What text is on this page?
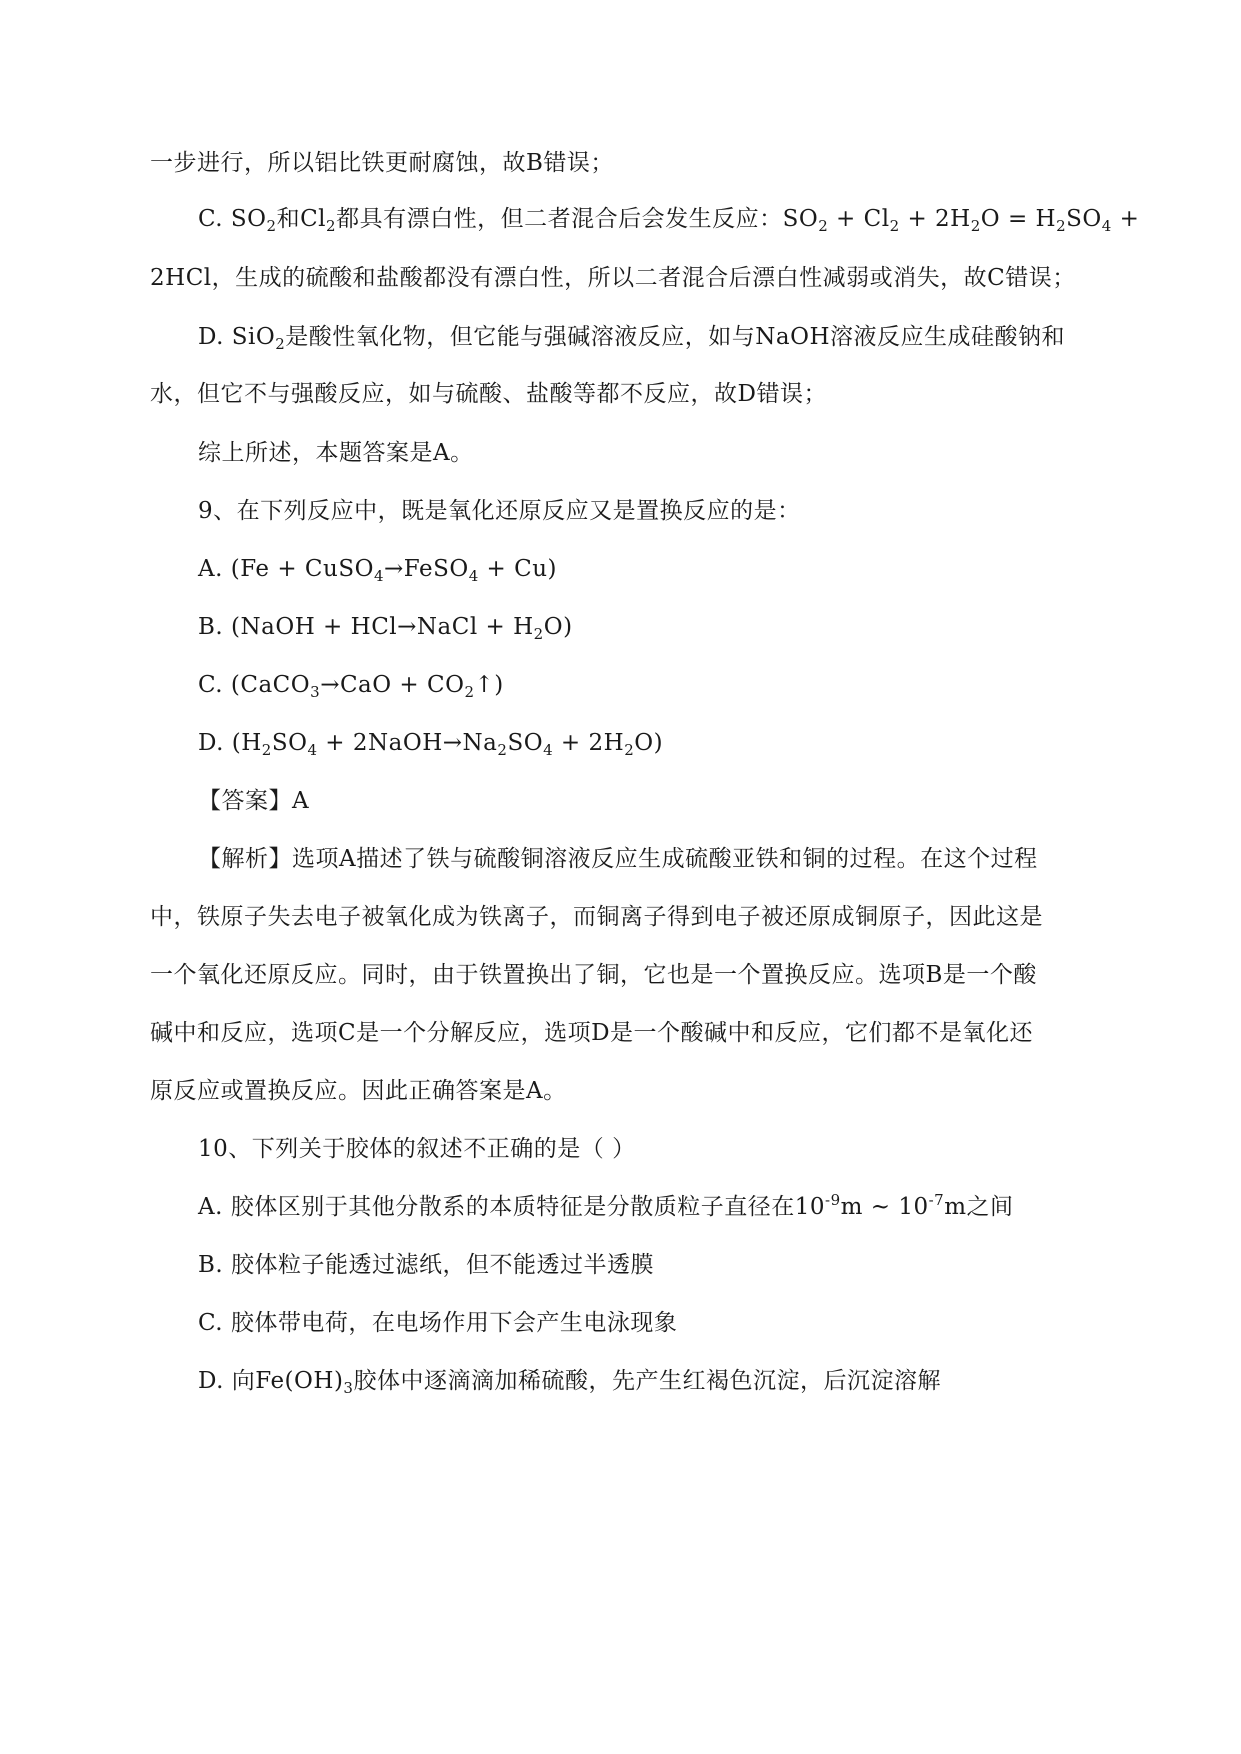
一步进行，所以铝比铁更耐腐蚀，故B错误；
C. $SO_2$和$Cl_2$都具有漂白性，但二者混合后会发生反应：$SO_2 + Cl_2 + 2H_2O = H_2SO_4$ +
2HCl，生成的硫酸和盐酸都没有漂白性，所以二者混合后漂白性减弱或消失，故C错误；
D. SiO$_2$是酸性氧化物，但它能与强碱溶液反应，如与NaOH溶液反应生成硅酸钠和
水，但它不与强酸反应，如与硫酸、盐酸等都不反应，故D错误；
综上所述，本题答案是A。
9、在下列反应中，既是氧化还原反应又是置换反应的是：
A. (Fe + CuSO$_4$→FeSO$_4$ + Cu)
B. (NaOH + HCl→NaCl + $H_2O$)
C. (CaCO$_3$→CaO + $CO_2↑$)
D. ($H_2SO_4$ + $2NaOH\to Na_2SO_4 + 2H_2O$)
【答案】A
【解析】选项A描述了铁与硫酸铜溶液反应生成硫酸亚铁和铜的过程。在这个过程
中，铁原子失去电子被氧化成为铁离子，而铜离子得到电子被还原成铜原子，因此这是
一个氧化还原反应。同时，由于铁置换出了铜，它也是一个置换反应。选项B是一个酸
碱中和反应，选项C是一个分解反应，选项D是一个酸碱中和反应，它们都不是氧化还
原反应或置换反应。因此正确答案是A。
10、下列关于胶体的叙述不正确的是（ ）
A. 胶体区别于其他分散系的本质特征是分散质粒子直径在$10^{-9}m$ ~ $10^{-7}m$之间
B. 胶体粒子能透过滤纸，但不能透过半透膜
C. 胶体带电荷，在电场作用下会产生电泳现象
D. 向$Fe(OH)_3$胶体中逐滴滴加稀硫酸，先产生红褐色沉淀，后沉淀溶解
